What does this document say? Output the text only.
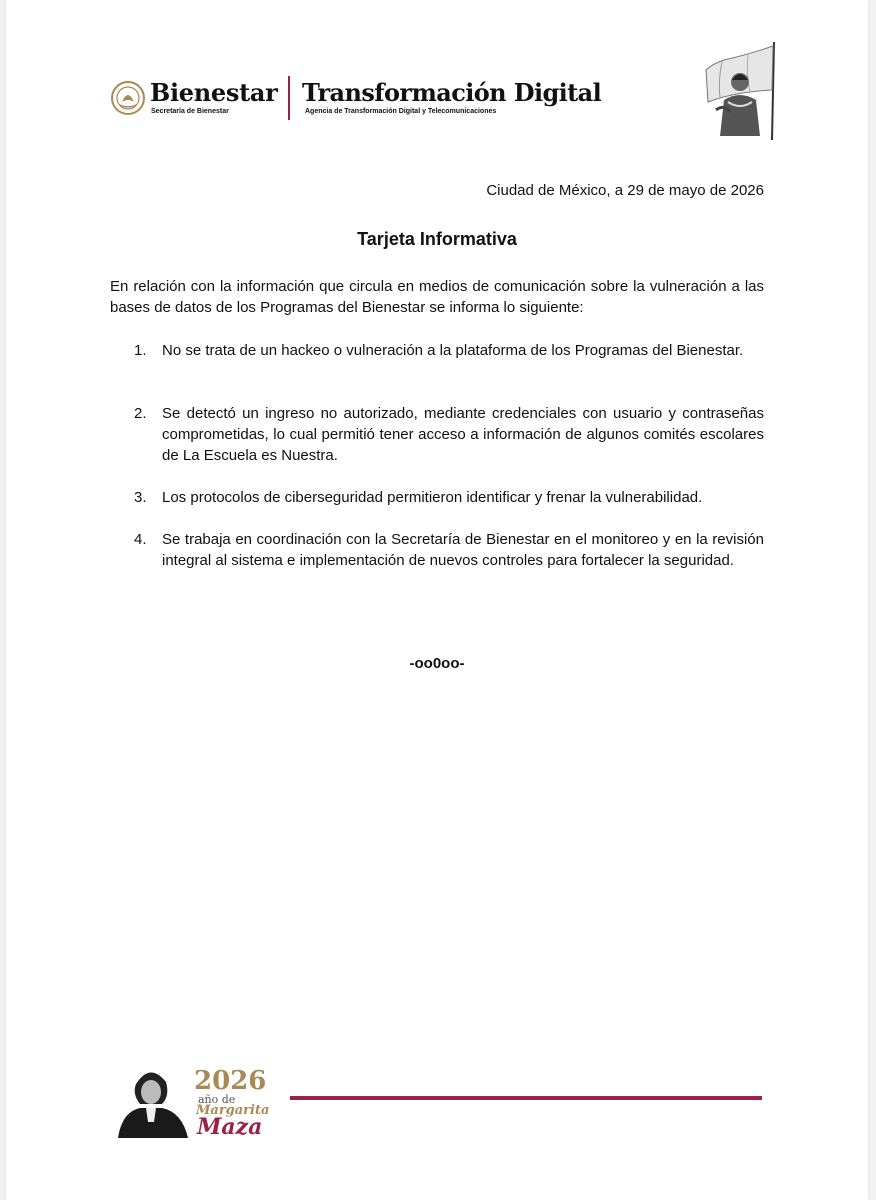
Bienestar
Secretaría de Bienestar
Transformación Digital
Agencia de Transformación Digital y Telecomunicaciones
Ciudad de México, a 29 de mayo de 2026
Tarjeta Informativa
En relación con la información que circula en medios de comunicación sobre la vulneración a las bases de datos de los Programas del Bienestar se informa lo siguiente:
1. No se trata de un hackeo o vulneración a la plataforma de los Programas del Bienestar.
2. Se detectó un ingreso no autorizado, mediante credenciales con usuario y contraseñas comprometidas, lo cual permitió tener acceso a información de algunos comités escolares de La Escuela es Nuestra.
3. Los protocolos de ciberseguridad permitieron identificar y frenar la vulnerabilidad.
4. Se trabaja en coordinación con la Secretaría de Bienestar en el monitoreo y en la revisión integral al sistema e implementación de nuevos controles para fortalecer la seguridad.
-oo0oo-
2026
año de
Margarita
Maza
